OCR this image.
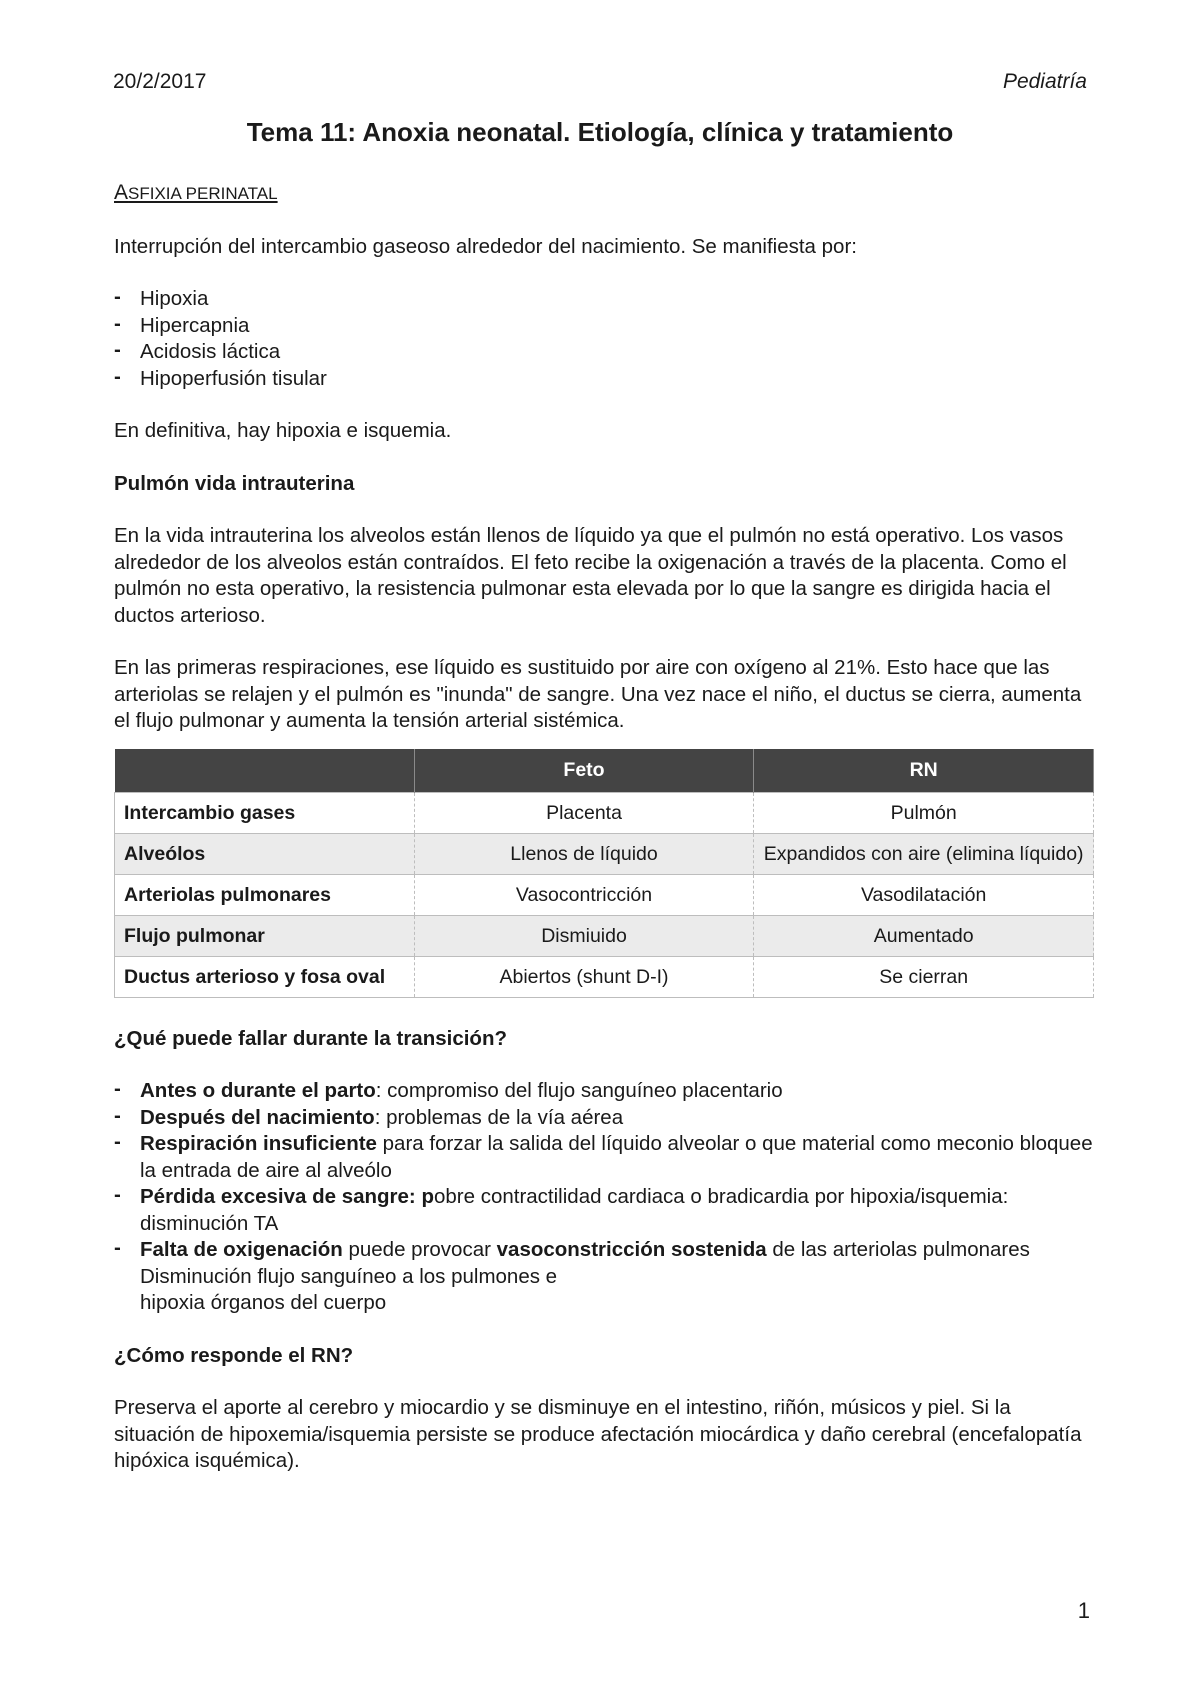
20/2/2017	Pediatría
Tema 11: Anoxia neonatal. Etiología, clínica y tratamiento

ASFIXIA PERINATAL

Interrupción del intercambio gaseoso alrededor del nacimiento. Se manifiesta por:

- Hipoxia
- Hipercapnia
- Acidosis láctica
- Hipoperfusión tisular

En definitiva, hay hipoxia e isquemia.

Pulmón vida intrauterina

En la vida intrauterina los alveolos están llenos de líquido ya que el pulmón no está operativo. Los vasos alrededor de los alveolos están contraídos. El feto recibe la oxigenación a través de la placenta. Como el pulmón no esta operativo, la resistencia pulmonar esta elevada por lo que la sangre es dirigida hacia el ductos arterioso.

En las primeras respiraciones, ese líquido es sustituido por aire con oxígeno al 21%. Esto hace que las arteriolas se relajen y el pulmón es "inunda" de sangre. Una vez nace el niño, el ductus se cierra, aumenta el flujo pulmonar y aumenta la tensión arterial sistémica.

	Feto	RN
Intercambio gases	Placenta	Pulmón
Alveólos	Llenos de líquido	Expandidos con aire (elimina líquido)
Arteriolas pulmonares	Vasocontricción	Vasodilatación
Flujo pulmonar	Dismiuido	Aumentado
Ductus arterioso y fosa oval	Abiertos (shunt D-I)	Se cierran

¿Qué puede fallar durante la transición?

- Antes o durante el parto: compromiso del flujo sanguíneo placentario
- Después del nacimiento: problemas de la vía aérea
- Respiración insuficiente para forzar la salida del líquido alveolar o que material como meconio bloquee la entrada de aire al alveólo
- Pérdida excesiva de sangre: pobre contractilidad cardiaca o bradicardia por hipoxia/isquemia: disminución TA
- Falta de oxigenación puede provocar vasoconstricción sostenida de las arteriolas pulmonares Disminución flujo sanguíneo a los pulmones e
hipoxia órganos del cuerpo

¿Cómo responde el RN?

Preserva el aporte al cerebro y miocardio y se disminuye en el intestino, riñón, músicos y piel. Si la situación de hipoxemia/isquemia persiste se produce afectación miocárdica y daño cerebral (encefalopatía hipóxica isquémica).

1
